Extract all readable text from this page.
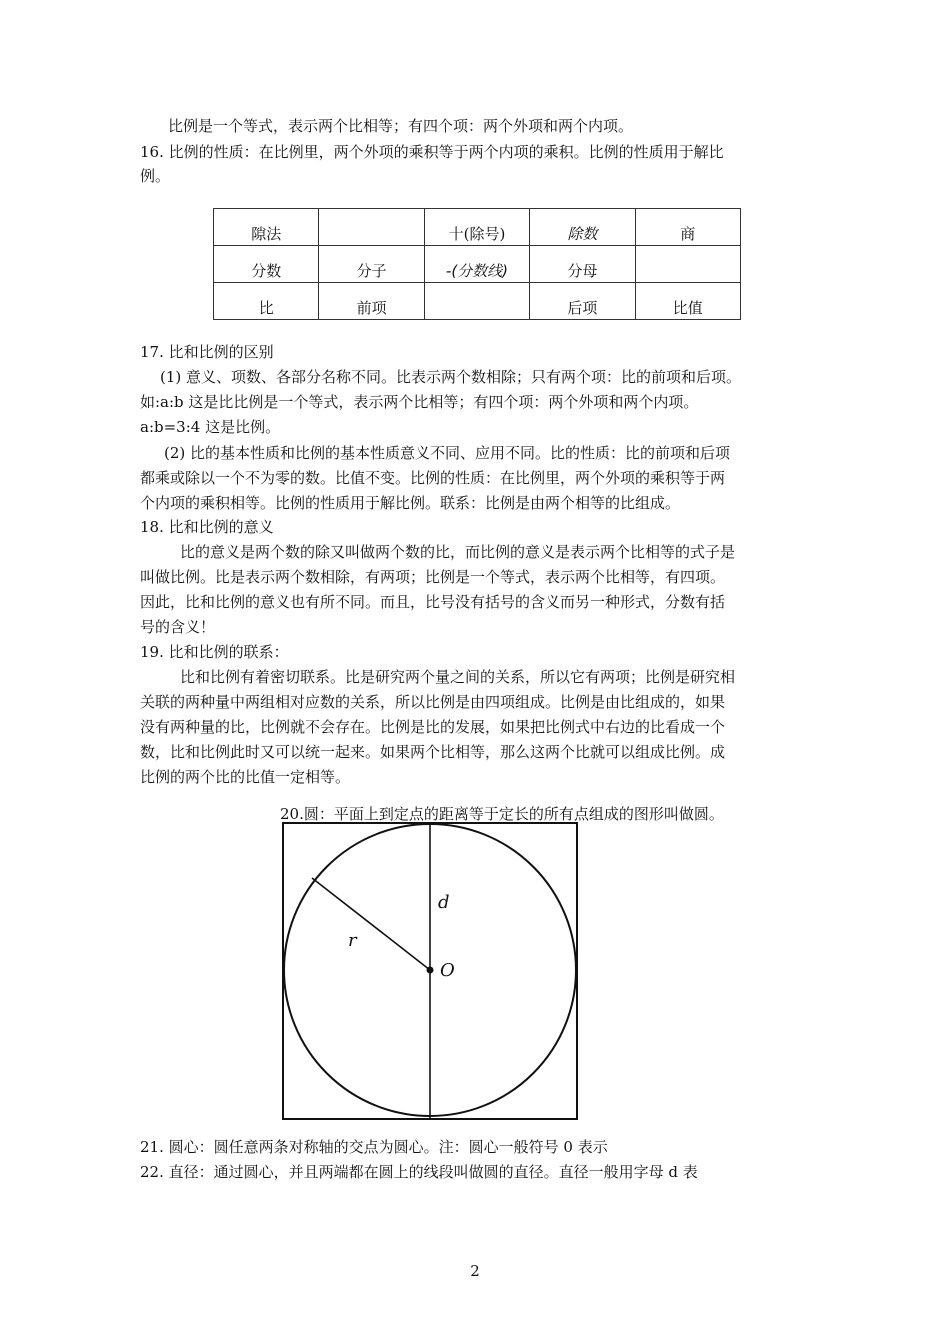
比例是一个等式，表示两个比相等；有四个项：两个外项和两个内项。
16. 比例的性质：在比例里，两个外项的乘积等于两个内项的乘积。比例的性质用于解比
例。
隙法		十(除号)	除数	商
分数	分子	-(分数线)	分母	
比	前项		后项	比值
17. 比和比例的区别
(1) 意义、项数、各部分名称不同。比表示两个数相除；只有两个项：比的前项和后项。
如:a:b 这是比比例是一个等式，表示两个比相等；有四个项：两个外项和两个内项。
a:b=3:4 这是比例。
(2) 比的基本性质和比例的基本性质意义不同、应用不同。比的性质：比的前项和后项
都乘或除以一个不为零的数。比值不变。比例的性质：在比例里，两个外项的乘积等于两
个内项的乘积相等。比例的性质用于解比例。联系：比例是由两个相等的比组成。
18. 比和比例的意义
比的意义是两个数的除又叫做两个数的比，而比例的意义是表示两个比相等的式子是
叫做比例。比是表示两个数相除，有两项；比例是一个等式，表示两个比相等，有四项。
因此，比和比例的意义也有所不同。而且，比号没有括号的含义而另一种形式，分数有括
号的含义！
19. 比和比例的联系：
比和比例有着密切联系。比是研究两个量之间的关系，所以它有两项；比例是研究相
关联的两种量中两组相对应数的关系，所以比例是由四项组成。比例是由比组成的，如果
没有两种量的比，比例就不会存在。比例是比的发展，如果把比例式中右边的比看成一个
数，比和比例此时又可以统一起来。如果两个比相等，那么这两个比就可以组成比例。成
比例的两个比的比值一定相等。
20.圆：平面上到定点的距离等于定长的所有点组成的图形叫做圆。
d
r
O
21. 圆心：圆任意两条对称轴的交点为圆心。注：圆心一般符号 0 表示
22. 直径：通过圆心，并且两端都在圆上的线段叫做圆的直径。直径一般用字母 d 表
2
